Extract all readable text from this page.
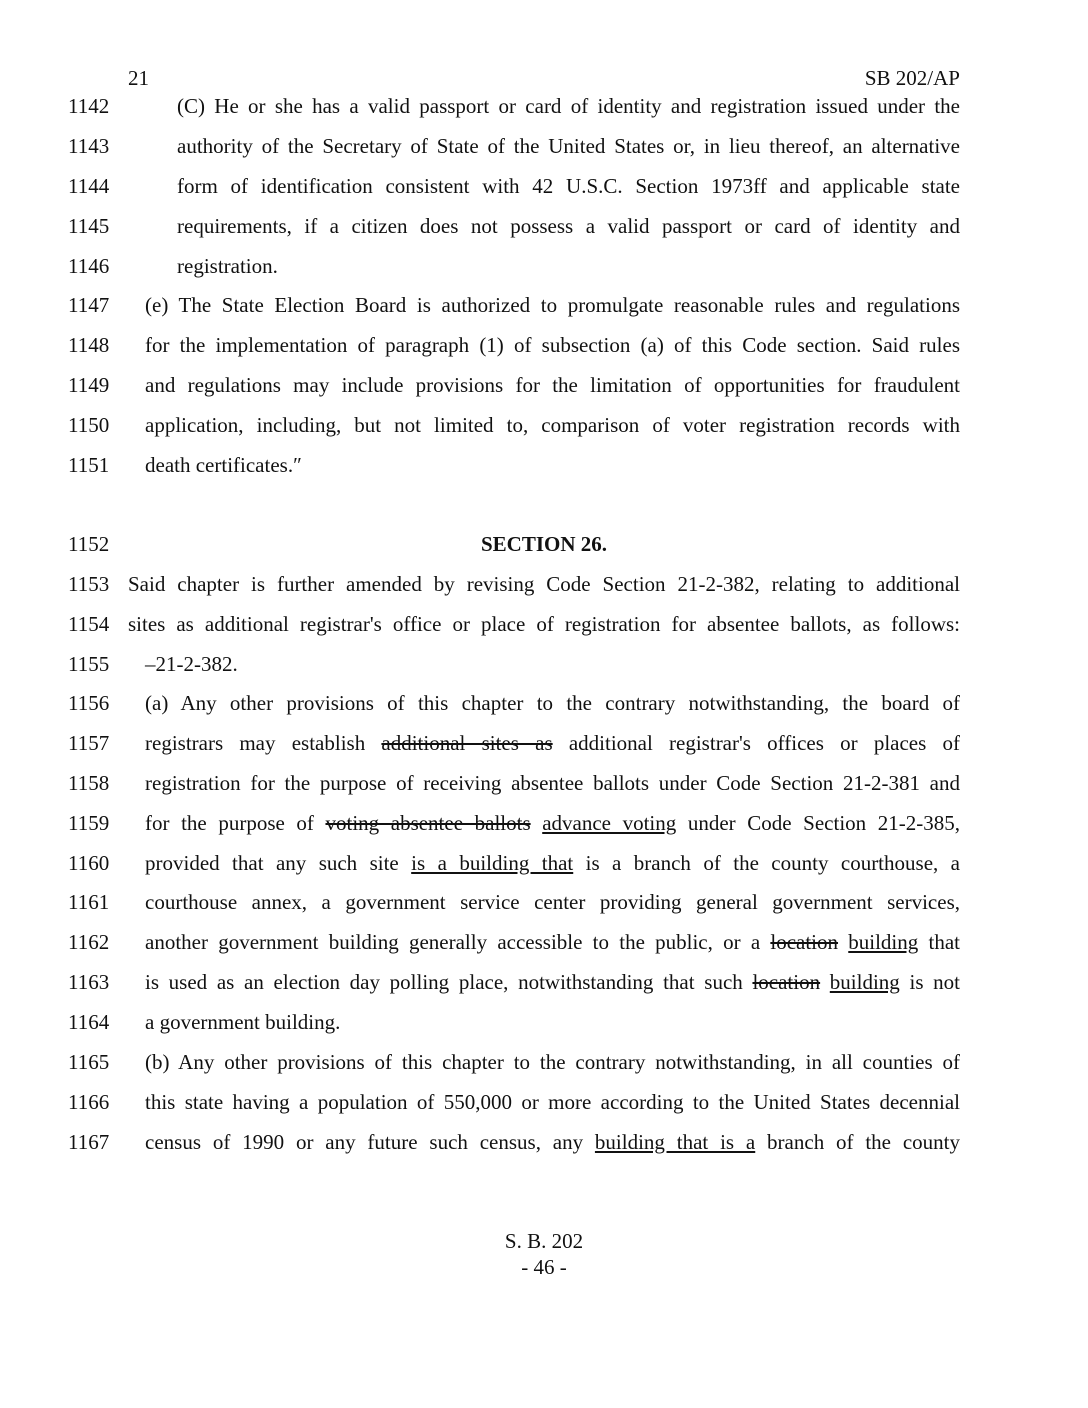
21	SB 202/AP
1142	(C) He or she has a valid passport or card of identity and registration issued under the
1143	authority of the Secretary of State of the United States or, in lieu thereof, an alternative
1144	form of identification consistent with 42 U.S.C. Section 1973ff and applicable state
1145	requirements, if a citizen does not possess a valid passport or card of identity and
1146	registration.
1147	(e) The State Election Board is authorized to promulgate reasonable rules and regulations
1148	for the implementation of paragraph (1) of subsection (a) of this Code section. Said rules
1149	and regulations may include provisions for the limitation of opportunities for fraudulent
1150	application, including, but not limited to, comparison of voter registration records with
1151	death certificates.″
1152	SECTION 26.
1153 Said chapter is further amended by revising Code Section 21-2-382, relating to additional
1154 sites as additional registrar's office or place of registration for absentee ballots, as follows:
1155	–21-2-382.
1156	(a) Any other provisions of this chapter to the contrary notwithstanding, the board of
1157	registrars may establish additional sites as additional registrar's offices or places of
1158	registration for the purpose of receiving absentee ballots under Code Section 21-2-381 and
1159	for the purpose of voting absentee ballots advance voting under Code Section 21-2-385,
1160	provided that any such site is a building that is a branch of the county courthouse, a
1161	courthouse annex, a government service center providing general government services,
1162	another government building generally accessible to the public, or a location building that
1163	is used as an election day polling place, notwithstanding that such location building is not
1164	a government building.
1165	(b) Any other provisions of this chapter to the contrary notwithstanding, in all counties of
1166	this state having a population of 550,000 or more according to the United States decennial
1167	census of 1990 or any future such census, any building that is a branch of the county
S. B. 202
- 46 -
